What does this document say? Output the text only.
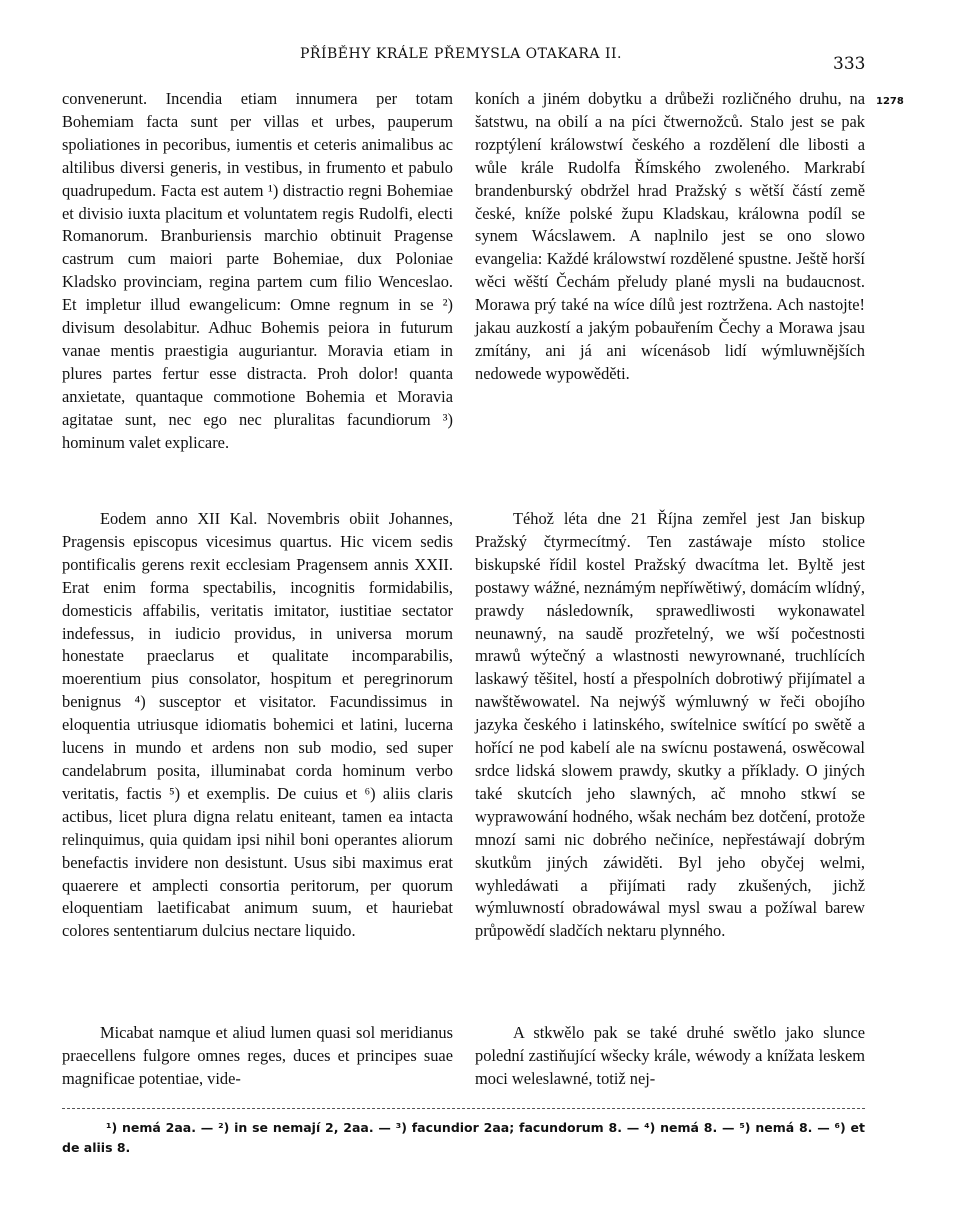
PŘÍBĚHY KRÁLE PŘEMYSLA OTAKARA II.	333

convenerunt. Incendia etiam innumera per totam Bohemiam facta sunt per villas et urbes, pauperum spoliationes in pecoribus, iumentis et ceteris animalibus ac altilibus diversi generis, in vestibus, in frumento et pabulo quadrupedum. Facta est autem ¹) distractio regni Bohemiae et divisio iuxta placitum et voluntatem regis Rudolfi, electi Romanorum. Branburiensis marchio obtinuit Pragense castrum cum maiori parte Bohemiae, dux Poloniae Kladsko provinciam, regina partem cum filio Wenceslao. Et impletur illud ewangelicum: Omne regnum in se ²) divisum desolabitur. Adhuc Bohemis peiora in futurum vanae mentis praestigia auguriantur. Moravia etiam in plures partes fertur esse distracta. Proh dolor! quanta anxietate, quantaque commotione Bohemia et Moravia agitatae sunt, nec ego nec pluralitas facundiorum ³) hominum valet explicare.

Eodem anno XII Kal. Novembris obiit Johannes, Pragensis episcopus vicesimus quartus. Hic vicem sedis pontificalis gerens rexit ecclesiam Pragensem annis XXII. Erat enim forma spectabilis, incognitis formidabilis, domesticis affabilis, veritatis imitator, iustitiae sectator indefessus, in iudicio providus, in universa morum honestate praeclarus et qualitate incomparabilis, moerentium pius consolator, hospitum et peregrinorum benignus ⁴) susceptor et visitator. Facundissimus in eloquentia utriusque idiomatis bohemici et latini, lucerna lucens in mundo et ardens non sub modio, sed super candelabrum posita, illuminabat corda hominum verbo veritatis, factis ⁵) et exemplis. De cuius et ⁶) aliis claris actibus, licet plura digna relatu eniteant, tamen ea intacta relinquimus, quia quidam ipsi nihil boni operantes aliorum benefactis invidere non desistunt. Usus sibi maximus erat quaerere et amplecti consortia peritorum, per quorum eloquentiam laetificabat animum suum, et hauriebat colores sententiarum dulcius nectare liquido.

Micabat namque et aliud lumen quasi sol meridianus praecellens fulgore omnes reges, duces et principes suae magnificae potentiae, vide-

koních a jiném dobytku a drůbeži rozličného druhu, na šatstwu, na obilí a na píci čtwernožců. Stalo jest se pak rozptýlení králowstwí českého a rozdělení dle libosti a wůle krále Rudolfa Římského zwoleného. Markrabí brandenburský obdržel hrad Pražský s wětší částí země české, kníže polské župu Kladskau, králowna podíl se synem Wácslawem. A naplnilo jest se ono slowo evangelia: Každé králowstwí rozdělené spustne. Ještě horší wěci wěští Čechám přeludy plané mysli na budaucnost. Morawa prý také na wíce dílů jest roztržena. Ach nastojte! jakau auzkostí a jakým pobauřením Čechy a Morawa jsau zmítány, ani já ani wícenásob lidí wýmluwnějších nedowede wypowěděti.

Téhož léta dne 21 Října zemřel jest Jan biskup Pražský čtyrmecítmý. Ten zastáwaje místo stolice biskupské řídil kostel Pražský dwacítma let. Byltě jest postawy wážné, neznámým nepříwětiwý, domácím wlídný, prawdy následowník, sprawedliwosti wykonawatel neunawný, na saudě prozřetelný, we wší počestnosti mrawů wýtečný a wlastnosti newyrownané, truchlících laskawý těšitel, hostí a přespolních dobrotiwý přijímatel a nawštěwowatel. Na nejwýš wýmluwný w řeči obojího jazyka českého i latinského, swítelnice swítící po swětě a hořící ne pod kabelí ale na swícnu postawená, oswěcowal srdce lidská slowem prawdy, skutky a příklady. O jiných také skutcích jeho slawných, ač mnoho stkwí se wyprawowání hodného, wšak nechám bez dotčení, protože mnozí sami nic dobrého nečiníce, nepřestáwají dobrým skutkům jiných záwiděti. Byl jeho obyčej welmi, wyhledáwati a přijímati rady zkušených, jichž wýmluwností obradowáwal mysl swau a požíwal barew průpowědí sladčích nektaru plynného.

A stkwělo pak se také druhé swětlo jako slunce polední zastiňující wšecky krále, wéwody a knížata leskem moci weleslawné, totiž nej-

1278

¹) nemá 2aa. — ²) in se nemají 2, 2aa. — ³) facundior 2aa; facundorum 8. — ⁴) nemá 8. — ⁵) nemá 8. — ⁶) et de aliis 8.
